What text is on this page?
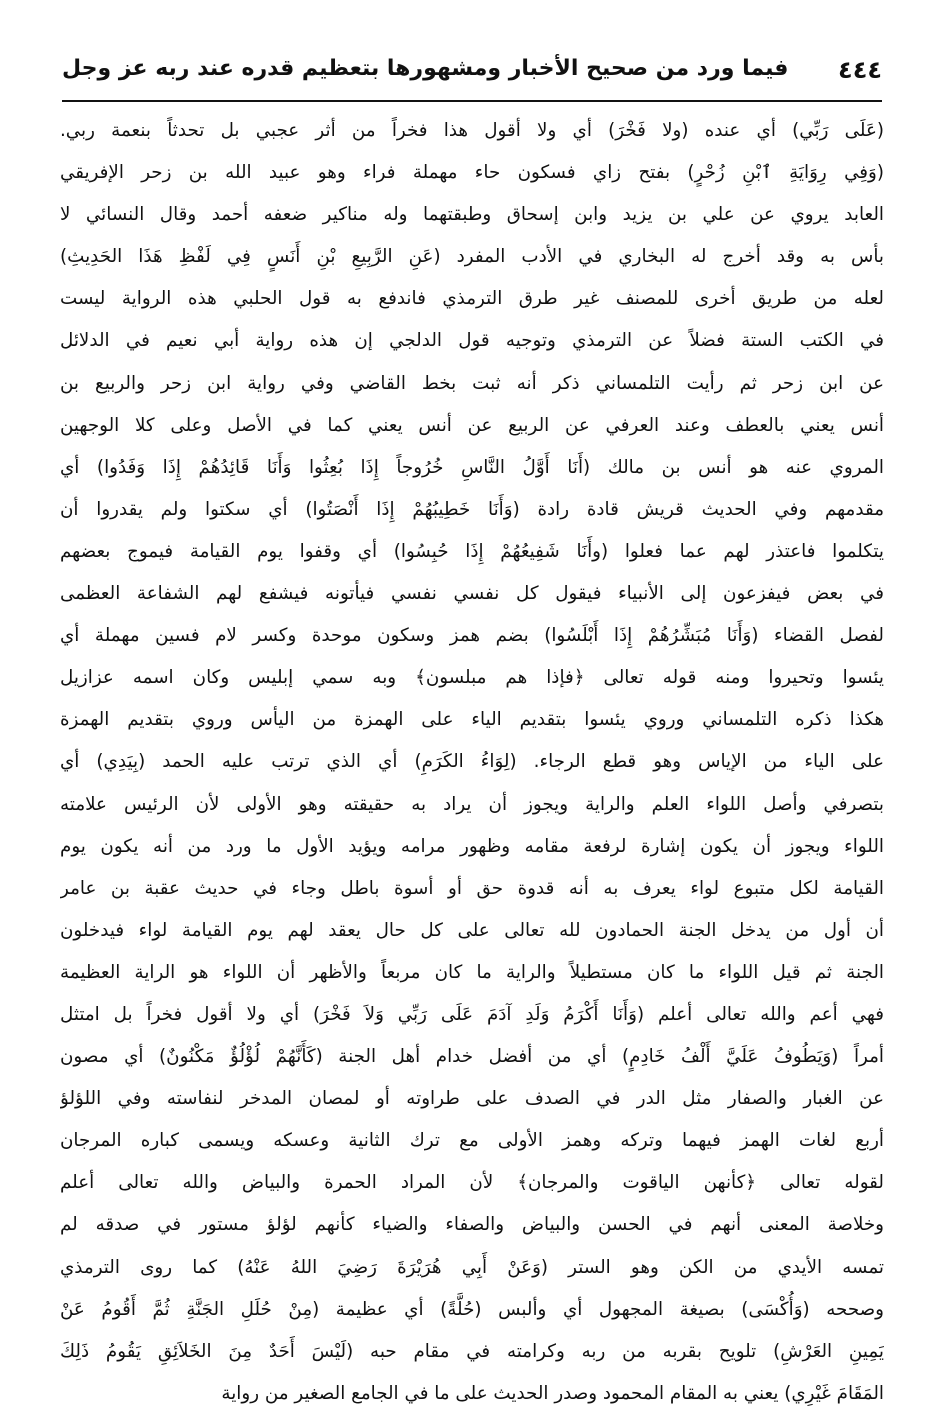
٤٤٤
فيما ورد من صحيح الأخبار ومشهورها بتعظيم قدره عند ربه عز وجل
(عَلَى رَبِّي) أي عنده (ولا فَخْرَ) أي ولا أقول هذا فخراً من أثر عجبي بل تحدثاً بنعمة ربي.
(وَفِي رِوَايَةِ ٱبْنِ زُحْرٍ) بفتح زاي فسكون حاء مهملة فراء وهو عبيد الله بن زحر الإفريقي
العابد يروي عن علي بن يزيد وابن إسحاق وطبقتهما وله مناكير ضعفه أحمد وقال النسائي لا
بأس به وقد أخرج له البخاري في الأدب المفرد (عَنِ الرَّبِيعِ بْنِ أَنَسٍ فِي لَفْظِ هَذَا الحَدِيثِ)
لعله من طريق أخرى للمصنف غير طرق الترمذي فاندفع به قول الحلبي هذه الرواية ليست
في الكتب الستة فضلاً عن الترمذي وتوجيه قول الدلجي إن هذه رواية أبي نعيم في الدلائل
عن ابن زحر ثم رأيت التلمساني ذكر أنه ثبت بخط القاضي وفي رواية ابن زحر والربيع بن
أنس يعني بالعطف وعند العرفي عن الربيع عن أنس يعني كما في الأصل وعلى كلا الوجهين
المروي عنه هو أنس بن مالك (أَنَا أَوَّلُ النَّاسِ خُرُوجاً إِذَا بُعِثُوا وَأَنَا قَائِدُهُمْ إِذَا وَفَدُوا) أي
مقدمهم وفي الحديث قريش قادة رادة (وَأَنَا خَطِيبُهُمْ إِذَا أَنْصَتُوا) أي سكتوا ولم يقدروا أن
يتكلموا فاعتذر لهم عما فعلوا (وأَنَا شَفِيعُهُمْ إِذَا حُبِسُوا) أي وقفوا يوم القيامة فيموج بعضهم
في بعض فيفزعون إلى الأنبياء فيقول كل نفسي نفسي فيأتونه فيشفع لهم الشفاعة العظمى
لفصل القضاء (وَأَنَا مُبَشِّرُهُمْ إِذَا أَبْلَسُوا) بضم همز وسكون موحدة وكسر لام فسين مهملة أي
يئسوا وتحيروا ومنه قوله تعالى ﴿فإذا هم مبلسون﴾ وبه سمي إبليس وكان اسمه عزازيل
هكذا ذكره التلمساني وروي يئسوا بتقديم الياء على الهمزة من اليأس وروي بتقديم الهمزة
على الياء من الإياس وهو قطع الرجاء. (لِوَاءُ الكَرَمِ) أي الذي ترتب عليه الحمد (بِيَدِي) أي
بتصرفي وأصل اللواء العلم والراية ويجوز أن يراد به حقيقته وهو الأولى لأن الرئيس علامته
اللواء ويجوز أن يكون إشارة لرفعة مقامه وظهور مرامه ويؤيد الأول ما ورد من أنه يكون يوم
القيامة لكل متبوع لواء يعرف به أنه قدوة حق أو أسوة باطل وجاء في حديث عقبة بن عامر
أن أول من يدخل الجنة الحمادون لله تعالى على كل حال يعقد لهم يوم القيامة لواء فيدخلون
الجنة ثم قيل اللواء ما كان مستطيلاً والراية ما كان مربعاً والأظهر أن اللواء هو الراية العظيمة
فهي أعم والله تعالى أعلم (وَأَنَا أَكْرَمُ وَلَدِ آدَمَ عَلَى رَبِّي وَلاَ فَخْرَ) أي ولا أقول فخراً بل امتثل
أمراً (وَيَطُوفُ عَلَيَّ أَلْفُ خَادِمٍ) أي من أفضل خدام أهل الجنة (كَأَنَّهُمْ لُؤْلُؤٌ مَكْنُونٌ) أي مصون
عن الغبار والصفار مثل الدر في الصدف على طراوته أو لمصان المدخر لنفاسته وفي اللؤلؤ
أربع لغات الهمز فيهما وتركه وهمز الأولى مع ترك الثانية وعسكه ويسمى كباره المرجان
لقوله تعالى ﴿كأنهن الياقوت والمرجان﴾ لأن المراد الحمرة والبياض والله تعالى أعلم
وخلاصة المعنى أنهم في الحسن والبياض والصفاء والضياء كأنهم لؤلؤ مستور في صدقه لم
تمسه الأيدي من الكن وهو الستر (وَعَنْ أَبِي هُرَيْرَةَ رَضِيَ اللهُ عَنْهُ) كما روى الترمذي
وصححه (وَأُكْسَى) بصيغة المجهول أي وألبس (حُلَّةً) أي عظيمة (مِنْ حُلَلِ الجَنَّةِ ثُمَّ أَقُومُ عَنْ
يَمِينِ العَرْشِ) تلويح بقربه من ربه وكرامته في مقام حبه (لَيْسَ أَحَدٌ مِنَ الخَلاَئِقِ يَقُومُ ذَلِكَ
المَقَامَ غَيْرِي) يعني به المقام المحمود وصدر الحديث على ما في الجامع الصغير من رواية
